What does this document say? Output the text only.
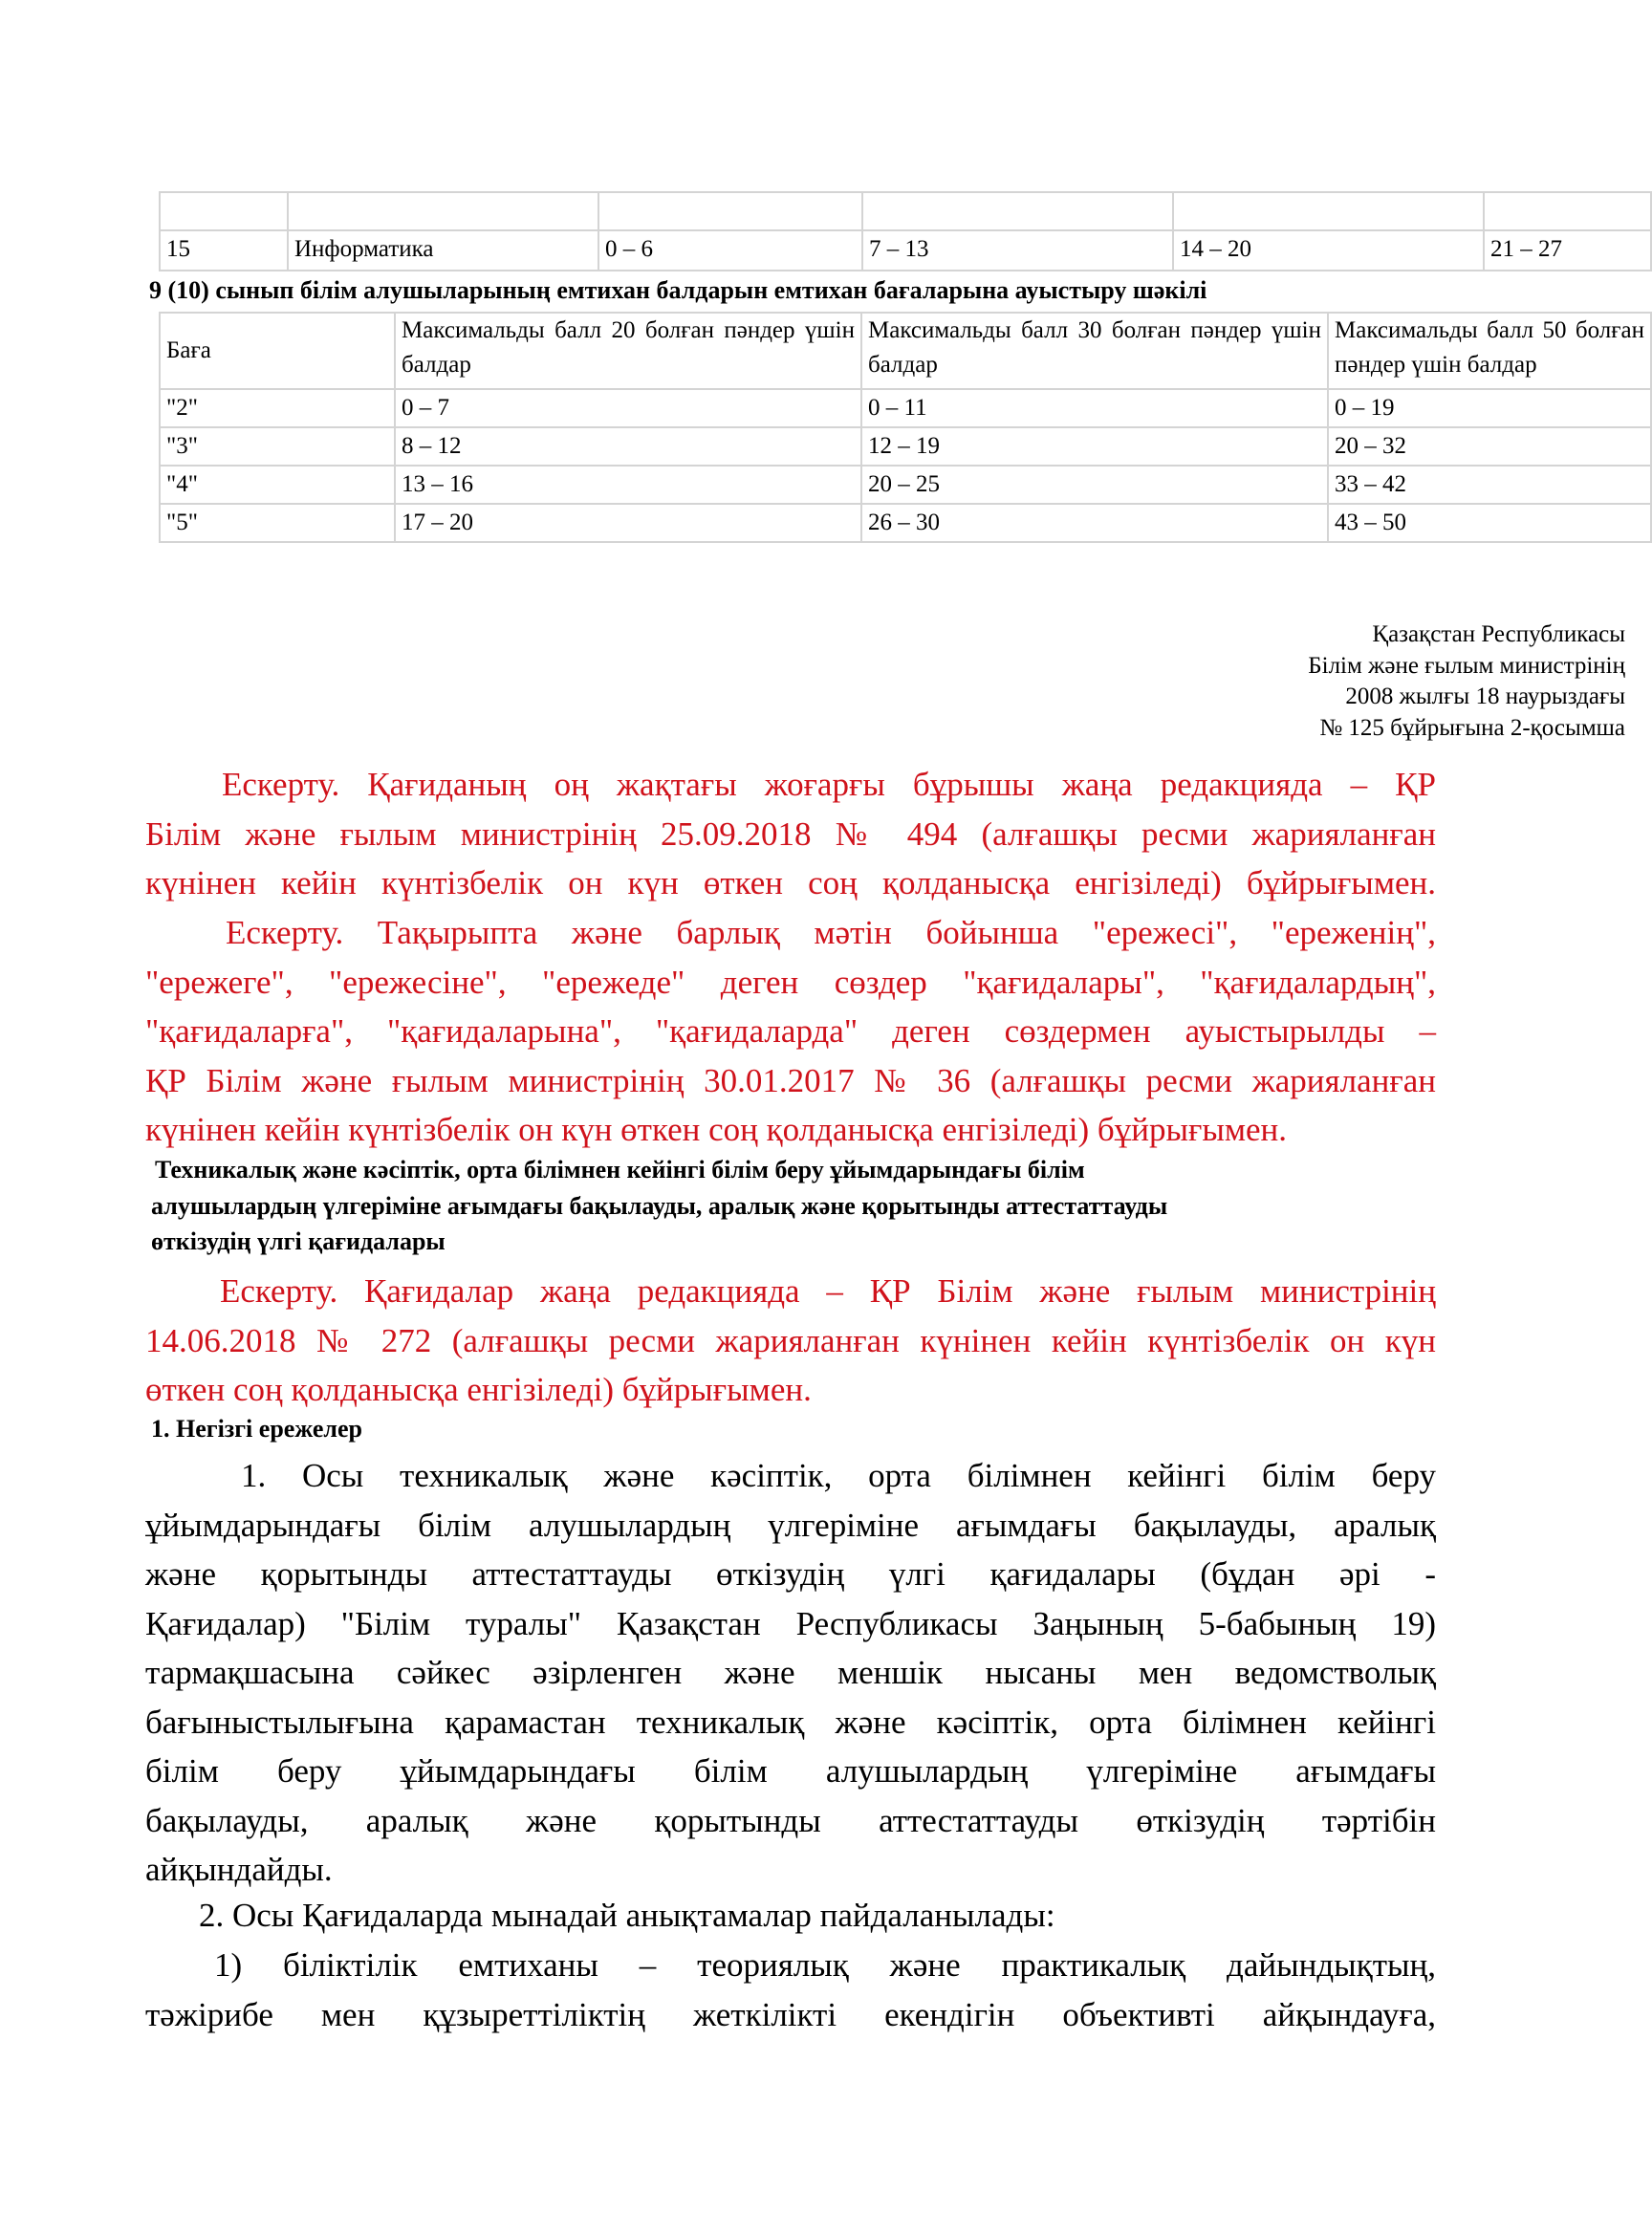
15	Информатика	0 – 6	7 – 13	14 – 20	21 – 27
9 (10) сынып білім алушыларының емтихан балдарын емтихан бағаларына ауыстыру шәкілі
Баға	Максимальды балл 20 болған пәндер үшін балдар	Максимальды балл 30 болған пәндер үшін балдар	Максимальды балл 50 болған пәндер үшін балдар
"2"	0 – 7	0 – 11	0 – 19
"3"	8 – 12	12 – 19	20 – 32
"4"	13 – 16	20 – 25	33 – 42
"5"	17 – 20	26 – 30	43 – 50
Қазақстан Республикасы
Білім және ғылым министрінің
2008 жылғы 18 наурыздағы
№ 125 бұйрығына 2-қосымша
Ескерту. Қағиданың оң жақтағы жоғарғы бұрышы жаңа редакцияда – ҚР
Білім және ғылым министрінің 25.09.2018 № 494 (алғашқы ресми жарияланған
күнінен кейін күнтізбелік он күн өткен соң қолданысқа енгізіледі) бұйрығымен.
Ескерту. Тақырыпта және барлық мәтін бойынша "ережесі", "ереженің",
"ережеге", "ережесіне", "ережеде" деген сөздер "қағидалары", "қағидалардың",
"қағидаларға", "қағидаларына", "қағидаларда" деген сөздермен ауыстырылды –
ҚР Білім және ғылым министрінің 30.01.2017 № 36 (алғашқы ресми жарияланған
күнінен кейін күнтізбелік он күн өткен соң қолданысқа енгізіледі) бұйрығымен.
Техникалық және кәсіптік, орта білімнен кейінгі білім беру ұйымдарындағы білім
алушылардың үлгеріміне ағымдағы бақылауды, аралық және қорытынды аттестаттауды
өткізудің үлгі қағидалары
Ескерту. Қағидалар жаңа редакцияда – ҚР Білім және ғылым министрінің
14.06.2018 № 272 (алғашқы ресми жарияланған күнінен кейін күнтізбелік он күн
өткен соң қолданысқа енгізіледі) бұйрығымен.
1. Негізгі ережелер
1. Осы техникалық және кәсіптік, орта білімнен кейінгі білім беру
ұйымдарындағы білім алушылардың үлгеріміне ағымдағы бақылауды, аралық
және қорытынды аттестаттауды өткізудің үлгі қағидалары (бұдан әрі -
Қағидалар) "Білім туралы" Қазақстан Республикасы Заңының 5-бабының 19)
тармақшасына сәйкес әзірленген және меншік нысаны мен ведомстволық
бағыныстылығына қарамастан техникалық және кәсіптік, орта білімнен кейінгі
білім беру ұйымдарындағы білім алушылардың үлгеріміне ағымдағы
бақылауды, аралық және қорытынды аттестаттауды өткізудің тәртібін
айқындайды.
2. Осы Қағидаларда мынадай анықтамалар пайдаланылады:
1) біліктілік емтиханы – теориялық және практикалық дайындықтың,
тәжірибе мен құзыреттіліктің жеткілікті екендігін объективті айқындауға,
